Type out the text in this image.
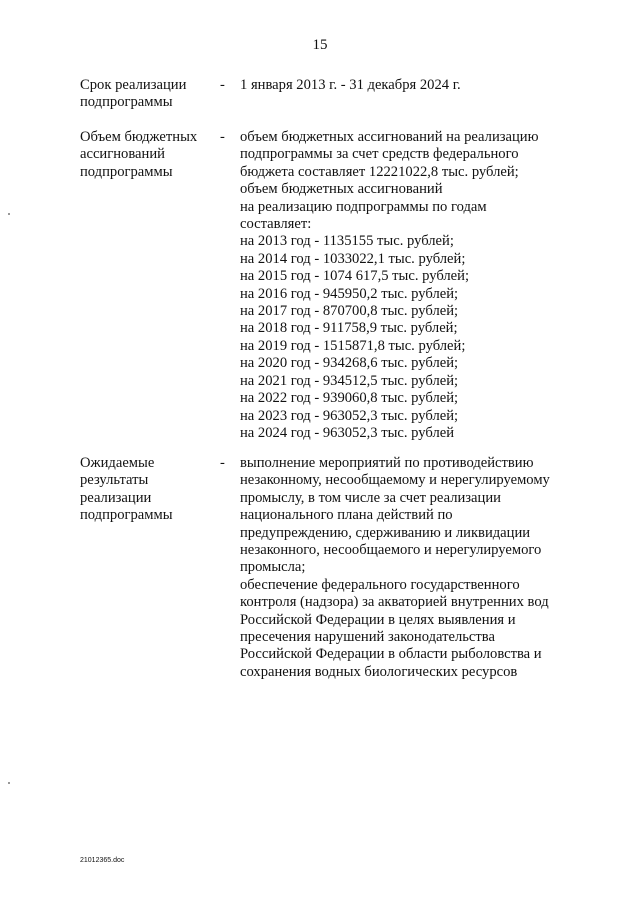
15
Срок реализации
подпрограммы
- 1 января 2013 г. - 31 декабря 2024 г.
Объем бюджетных
ассигнований
подпрограммы
- объем бюджетных ассигнований на реализацию
подпрограммы за счет средств федерального
бюджета составляет 12221022,8 тыс. рублей;
объем бюджетных ассигнований
на реализацию подпрограммы по годам
составляет:
на 2013 год - 1135155 тыс. рублей;
на 2014 год - 1033022,1 тыс. рублей;
на 2015 год - 1074 617,5 тыс. рублей;
на 2016 год - 945950,2 тыс. рублей;
на 2017 год - 870700,8 тыс. рублей;
на 2018 год - 911758,9 тыс. рублей;
на 2019 год - 1515871,8 тыс. рублей;
на 2020 год - 934268,6 тыс. рублей;
на 2021 год - 934512,5 тыс. рублей;
на 2022 год - 939060,8 тыс. рублей;
на 2023 год - 963052,3 тыс. рублей;
на 2024 год - 963052,3 тыс. рублей
Ожидаемые
результаты
реализации
подпрограммы
- выполнение мероприятий по противодействию
незаконному, несообщаемому и нерегулируемому
промыслу, в том числе за счет реализации
национального плана действий по
предупреждению, сдерживанию и ликвидации
незаконного, несообщаемого и нерегулируемого
промысла;
обеспечение федерального государственного
контроля (надзора) за акваторией внутренних вод
Российской Федерации в целях выявления и
пресечения нарушений законодательства
Российской Федерации в области рыболовства и
сохранения водных биологических ресурсов
21012365.doc
